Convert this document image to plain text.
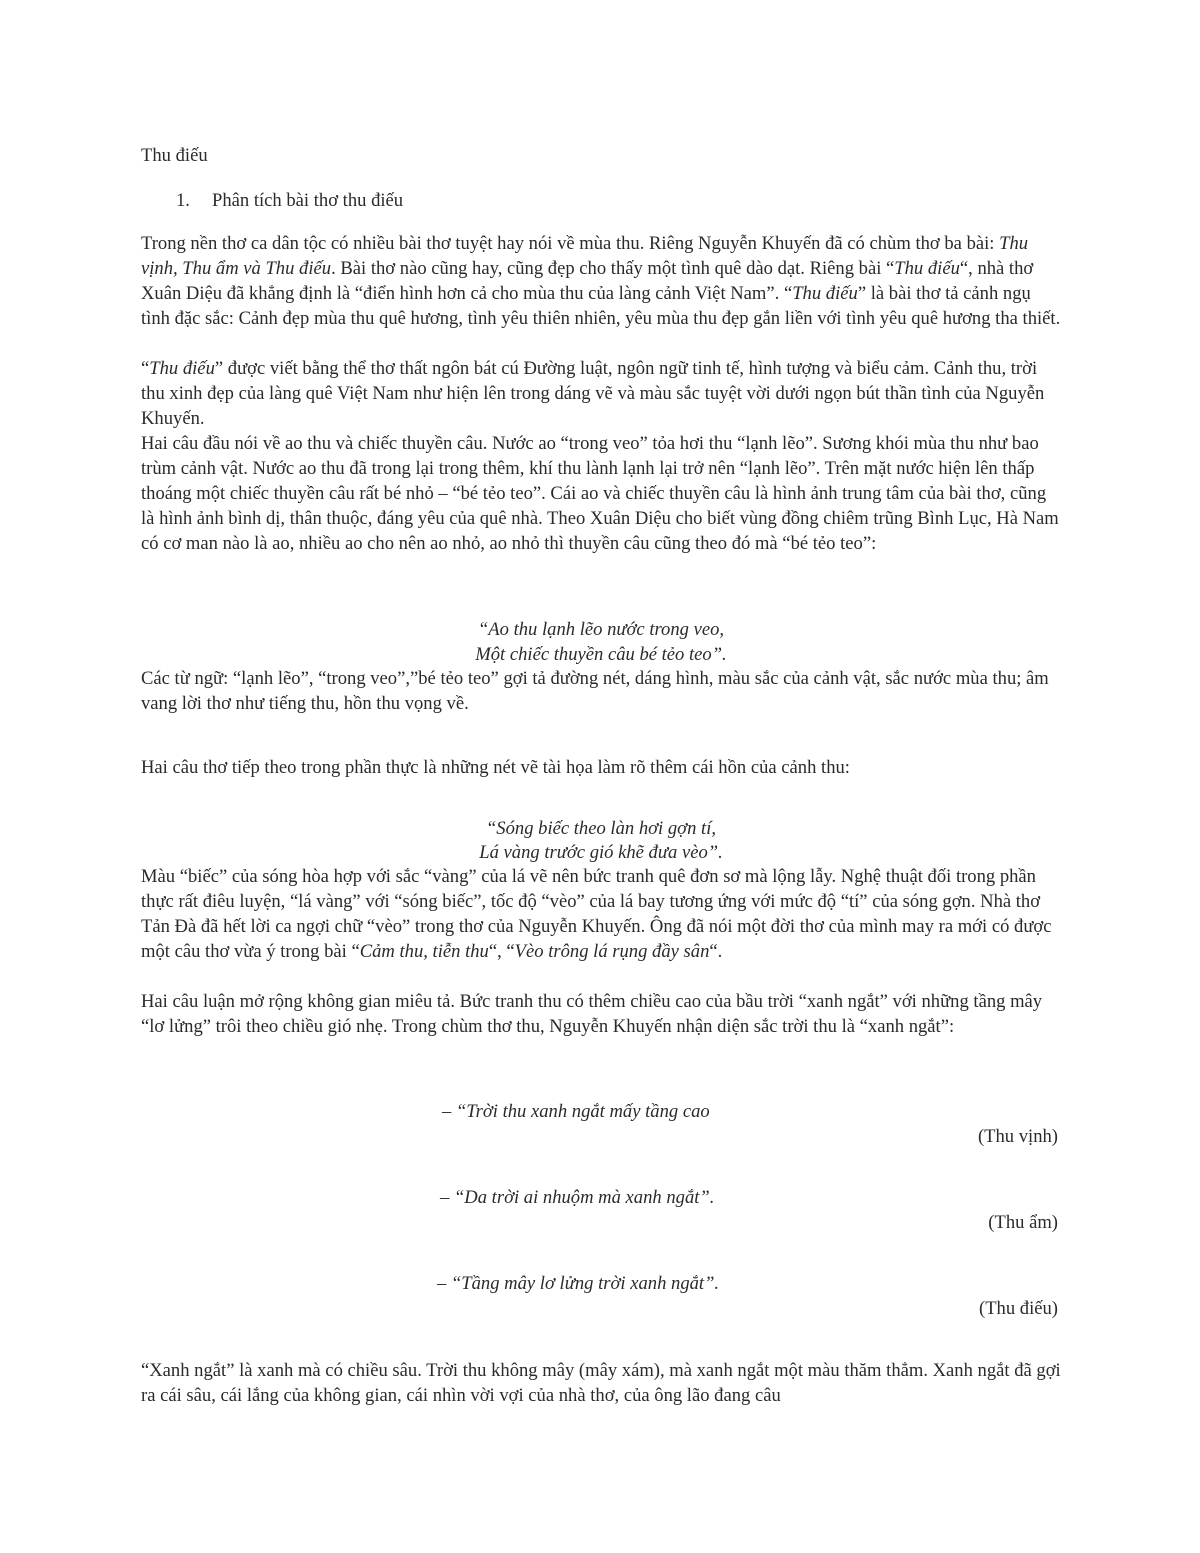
Thu điếu

1. Phân tích bài thơ thu điếu

Trong nền thơ ca dân tộc có nhiều bài thơ tuyệt hay nói về mùa thu. Riêng Nguyễn Khuyến đã có chùm thơ ba bài: Thu vịnh, Thu ẩm và Thu điếu. Bài thơ nào cũng hay, cũng đẹp cho thấy một tình quê dào dạt. Riêng bài “Thu điếu“, nhà thơ Xuân Diệu đã khẳng định là “điển hình hơn cả cho mùa thu của làng cảnh Việt Nam”. “Thu điếu” là bài thơ tả cảnh ngụ tình đặc sắc: Cảnh đẹp mùa thu quê hương, tình yêu thiên nhiên, yêu mùa thu đẹp gắn liền với tình yêu quê hương tha thiết.

“Thu điếu” được viết bằng thể thơ thất ngôn bát cú Đường luật, ngôn ngữ tinh tế, hình tượng và biểu cảm. Cảnh thu, trời thu xinh đẹp của làng quê Việt Nam như hiện lên trong dáng vẽ và màu sắc tuyệt vời dưới ngọn bút thần tình của Nguyễn Khuyến.

Hai câu đầu nói về ao thu và chiếc thuyền câu. Nước ao “trong veo” tỏa hơi thu “lạnh lẽo”. Sương khói mùa thu như bao trùm cảnh vật. Nước ao thu đã trong lại trong thêm, khí thu lành lạnh lại trở nên “lạnh lẽo”. Trên mặt nước hiện lên thấp thoáng một chiếc thuyền câu rất bé nhỏ – “bé tẻo teo”. Cái ao và chiếc thuyền câu là hình ảnh trung tâm của bài thơ, cũng là hình ảnh bình dị, thân thuộc, đáng yêu của quê nhà. Theo Xuân Diệu cho biết vùng đồng chiêm trũng Bình Lục, Hà Nam có cơ man nào là ao, nhiều ao cho nên ao nhỏ, ao nhỏ thì thuyền câu cũng theo đó mà “bé tẻo teo”:

“Ao thu lạnh lẽo nước trong veo,

Một chiếc thuyền câu bé tẻo teo”.

Các từ ngữ: “lạnh lẽo”, “trong veo”,”bé tẻo teo” gợi tả đường nét, dáng hình, màu sắc của cảnh vật, sắc nước mùa thu; âm vang lời thơ như tiếng thu, hồn thu vọng về.

Hai câu thơ tiếp theo trong phần thực là những nét vẽ tài họa làm rõ thêm cái hồn của cảnh thu:

“Sóng biếc theo làn hơi gợn tí,

Lá vàng trước gió khẽ đưa vèo”.

Màu “biếc” của sóng hòa hợp với sắc “vàng” của lá vẽ nên bức tranh quê đơn sơ mà lộng lẫy. Nghệ thuật đối trong phần thực rất điêu luyện, “lá vàng” với “sóng biếc”, tốc độ “vèo” của lá bay tương ứng với mức độ “tí” của sóng gợn. Nhà thơ Tản Đà đã hết lời ca ngợi chữ “vèo” trong thơ của Nguyễn Khuyến. Ông đã nói một đời thơ của mình may ra mới có được một câu thơ vừa ý trong bài “Cảm thu, tiễn thu“, “Vèo trông lá rụng đầy sân“.

Hai câu luận mở rộng không gian miêu tả. Bức tranh thu có thêm chiều cao của bầu trời “xanh ngắt” với những tầng mây “lơ lửng” trôi theo chiều gió nhẹ. Trong chùm thơ thu, Nguyễn Khuyến nhận diện sắc trời thu là “xanh ngắt”:

– “Trời thu xanh ngắt mấy tầng cao

(Thu vịnh)

– “Da trời ai nhuộm mà xanh ngắt”.

(Thu ẩm)

– “Tầng mây lơ lửng trời xanh ngắt”.

(Thu điếu)

“Xanh ngắt” là xanh mà có chiều sâu. Trời thu không mây (mây xám), mà xanh ngắt một màu thăm thẳm. Xanh ngắt đã gợi ra cái sâu, cái lắng của không gian, cái nhìn vời vợi của nhà thơ, của ông lão đang câu
